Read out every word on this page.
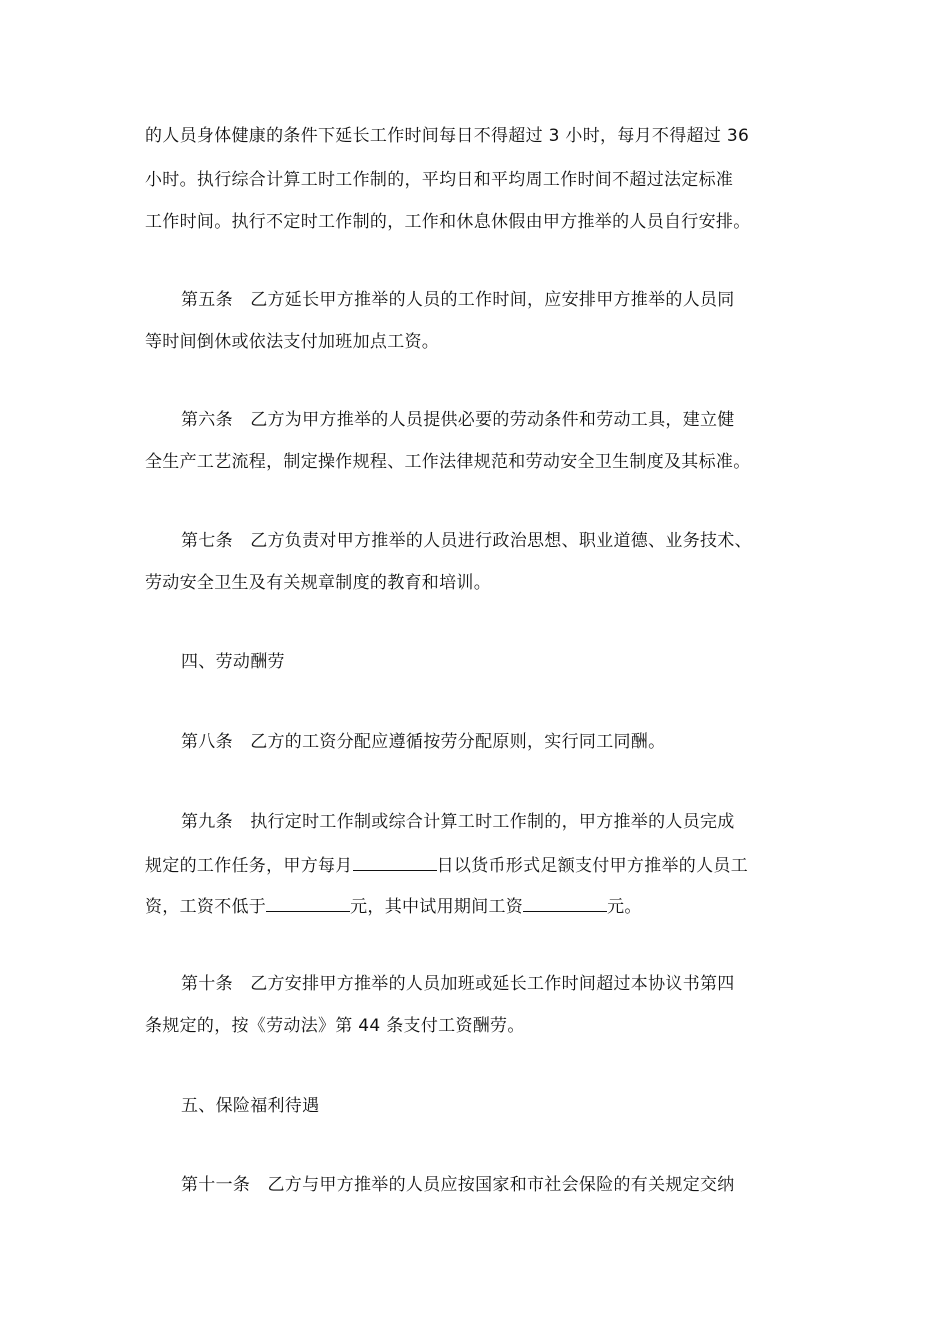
的人员身体健康的条件下延长工作时间每日不得超过 3 小时，每月不得超过 36
小时。执行综合计算工时工作制的，平均日和平均周工作时间不超过法定标准
工作时间。执行不定时工作制的，工作和休息休假由甲方推举的人员自行安排。
第五条　乙方延长甲方推举的人员的工作时间，应安排甲方推举的人员同
等时间倒休或依法支付加班加点工资。
第六条　乙方为甲方推举的人员提供必要的劳动条件和劳动工具，建立健
全生产工艺流程，制定操作规程、工作法律规范和劳动安全卫生制度及其标准。
第七条　乙方负责对甲方推举的人员进行政治思想、职业道德、业务技术、
劳动安全卫生及有关规章制度的教育和培训。
四、劳动酬劳
第八条　乙方的工资分配应遵循按劳分配原则，实行同工同酬。
第九条　执行定时工作制或综合计算工时工作制的，甲方推举的人员完成
规定的工作任务，甲方每月	日以货币形式足额支付甲方推举的人员工
资，工资不低于	元，其中试用期间工资	元。
第十条　乙方安排甲方推举的人员加班或延长工作时间超过本协议书第四
条规定的，按《劳动法》第 44 条支付工资酬劳。
五、保险福利待遇
第十一条　乙方与甲方推举的人员应按国家和市社会保险的有关规定交纳
